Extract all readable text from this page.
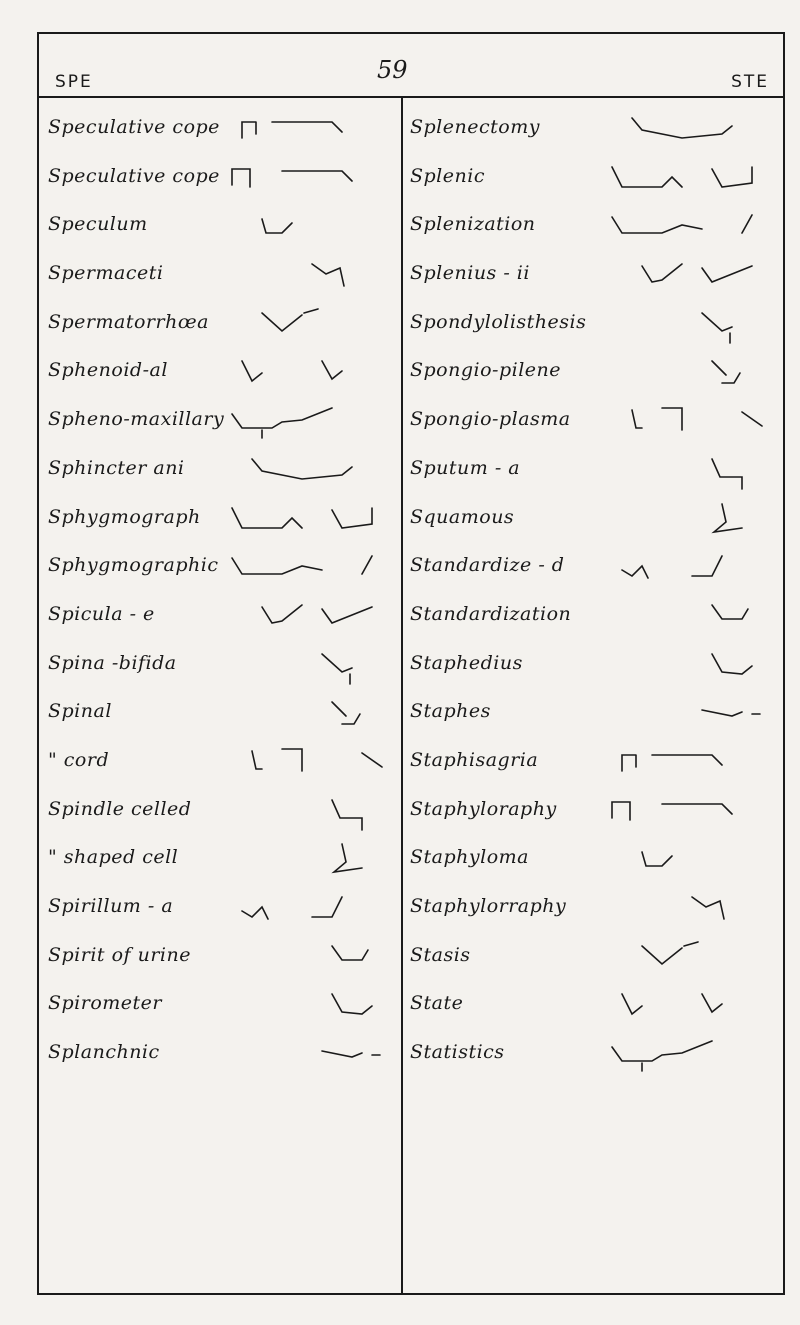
SPE	59	STE
Speculative cope
Speculative cope
Speculum
Spermaceti
Spermatorrhœa
Sphenoid-al
Spheno-maxillary
Sphincter ani
Sphygmograph
Sphygmographic
Spicula - e
Spina -bifida
Spinal
" cord
Spindle celled
" shaped cell
Spirillum - a
Spirit of urine
Spirometer
Splanchnic
Splenectomy
Splenic
Splenization
Splenius - ii
Spondylolisthesis
Spongio-pilene
Spongio-plasma
Sputum - a
Squamous
Standardize - d
Standardization
Staphedius
Staphes
Staphisagria
Staphyloraphy
Staphyloma
Staphylorraphy
Stasis
State
Statistics
